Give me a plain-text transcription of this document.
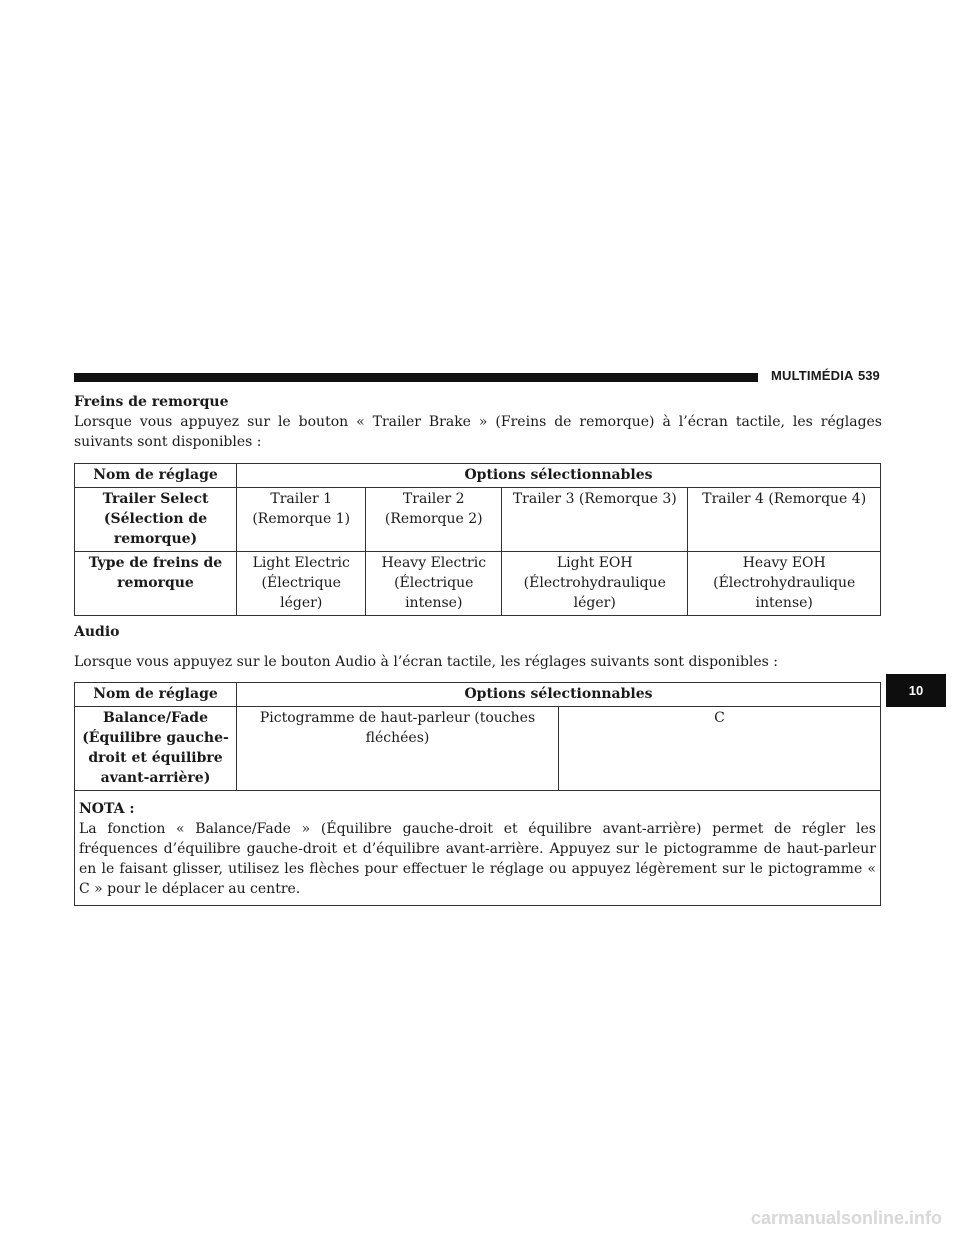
MULTIMÉDIA 539

Freins de remorque

Lorsque vous appuyez sur le bouton « Trailer Brake » (Freins de remorque) à l’écran tactile, les réglages suivants sont disponibles :

Nom de réglage	Options sélectionnables			
Trailer Select (Sélection de remorque)	Trailer 1 (Remorque 1)	Trailer 2 (Remorque 2)	Trailer 3 (Remorque 3)	Trailer 4 (Remorque 4)
Type de freins de remorque	Light Electric (Électrique léger)	Heavy Electric (Électrique intense)	Light EOH (Électrohydraulique léger)	Heavy EOH (Électrohydraulique intense)

Audio

Lorsque vous appuyez sur le bouton Audio à l’écran tactile, les réglages suivants sont disponibles :

Nom de réglage	Options sélectionnables	
Balance/Fade (Équilibre gauche-droit et équilibre avant-arrière)	Pictogramme de haut-parleur (touches fléchées)	C

NOTA :
La fonction « Balance/Fade » (Équilibre gauche-droit et équilibre avant-arrière) permet de régler les fréquences d’équilibre gauche-droit et d’équilibre avant-arrière. Appuyez sur le pictogramme de haut-parleur en le faisant glisser, utilisez les flèches pour effectuer le réglage ou appuyez légèrement sur le pictogramme « C » pour le déplacer au centre.		
10
carmanualsonline.info
